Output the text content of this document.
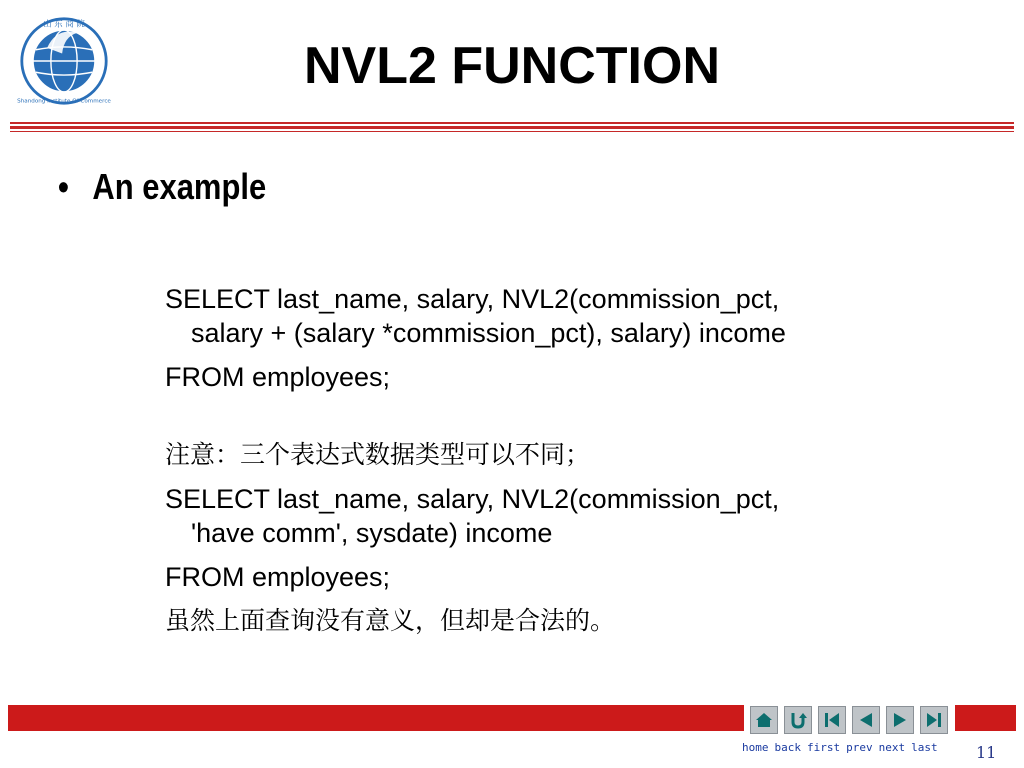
山 东 商 院
Shandong Institute Of Commerce
NVL2 FUNCTION
• An example
SELECT last_name, salary, NVL2(commission_pct,
salary + (salary *commission_pct), salary) income
FROM employees;
注意：三个表达式数据类型可以不同；
SELECT last_name, salary, NVL2(commission_pct,
'have comm', sysdate) income
FROM employees;
虽然上面查询没有意义，但却是合法的。
home back first prev next last	11
